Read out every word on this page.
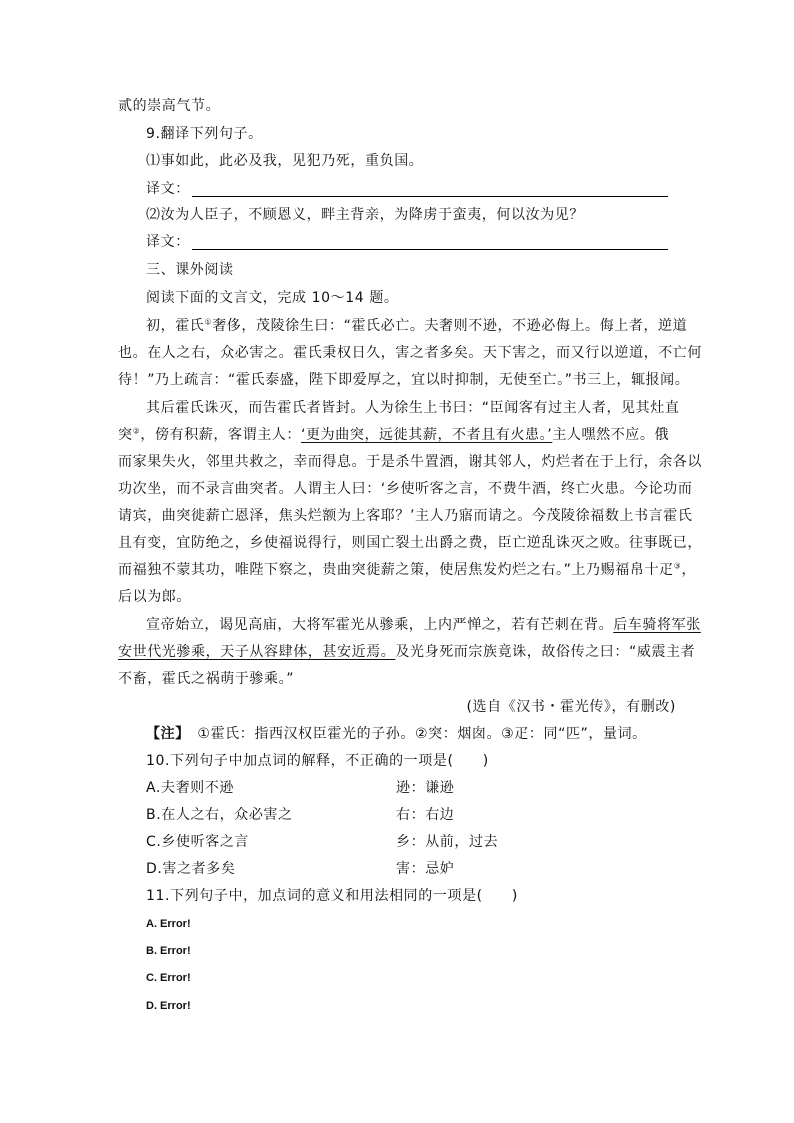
贰的崇高气节。
9.翻译下列句子。
⑴事如此，此必及我，见犯乃死，重负国。
译文：
⑵汝为人臣子，不顾恩义，畔主背亲，为降虏于蛮夷，何以汝为见？
译文：
三、课外阅读
阅读下面的文言文，完成 10～14 题。
初，霍氏①奢侈，茂陵徐生曰：“霍氏必亡。夫奢则不逊，不逊必侮上。侮上者，逆道
也。在人之右，众必害之。霍氏秉权日久，害之者多矣。天下害之，而又行以逆道，不亡何
待！”乃上疏言：“霍氏泰盛，陛下即爱厚之，宜以时抑制，无使至亡。”书三上，辄报闻。
其后霍氏诛灭，而告霍氏者皆封。人为徐生上书曰：“臣闻客有过主人者，见其灶直
突②，傍有积薪，客谓主人：‘更为曲突，远徙其薪，不者且有火患。’主人嘿然不应。俄
而家果失火，邻里共救之，幸而得息。于是杀牛置酒，谢其邻人，灼烂者在于上行，余各以
功次坐，而不录言曲突者。人谓主人曰：‘乡使听客之言，不费牛酒，终亡火患。今论功而
请宾，曲突徙薪亡恩泽，焦头烂额为上客耶？’主人乃寤而请之。今茂陵徐福数上书言霍氏
且有变，宜防绝之，乡使福说得行，则国亡裂土出爵之费，臣亡逆乱诛灭之败。往事既已，
而福独不蒙其功，唯陛下察之，贵曲突徙薪之策，使居焦发灼烂之右。”上乃赐福帛十疋③，
后以为郎。
宣帝始立，谒见高庙，大将军霍光从骖乘，上内严惮之，若有芒刺在背。后车骑将军张
安世代光骖乘，天子从容肆体，甚安近焉。及光身死而宗族竟诛，故俗传之曰：“威震主者
不畜，霍氏之祸萌于骖乘。”
(选自《汉书・霍光传》，有删改)
【注】　 ①霍氏：指西汉权臣霍光的子孙。②突：烟囱。③疋：同“匹”，量词。
10.下列句子中加点词的解释，不正确的一项是(　　)
A.夫奢则不逊	逊：谦逊
B.在人之右，众必害之	右：右边
C.乡使听客之言	乡：从前，过去
D.害之者多矣	害：忌妒
11.下列句子中，加点词的意义和用法相同的一项是(　　)
A. Error!
B. Error!
C. Error!
D. Error!
